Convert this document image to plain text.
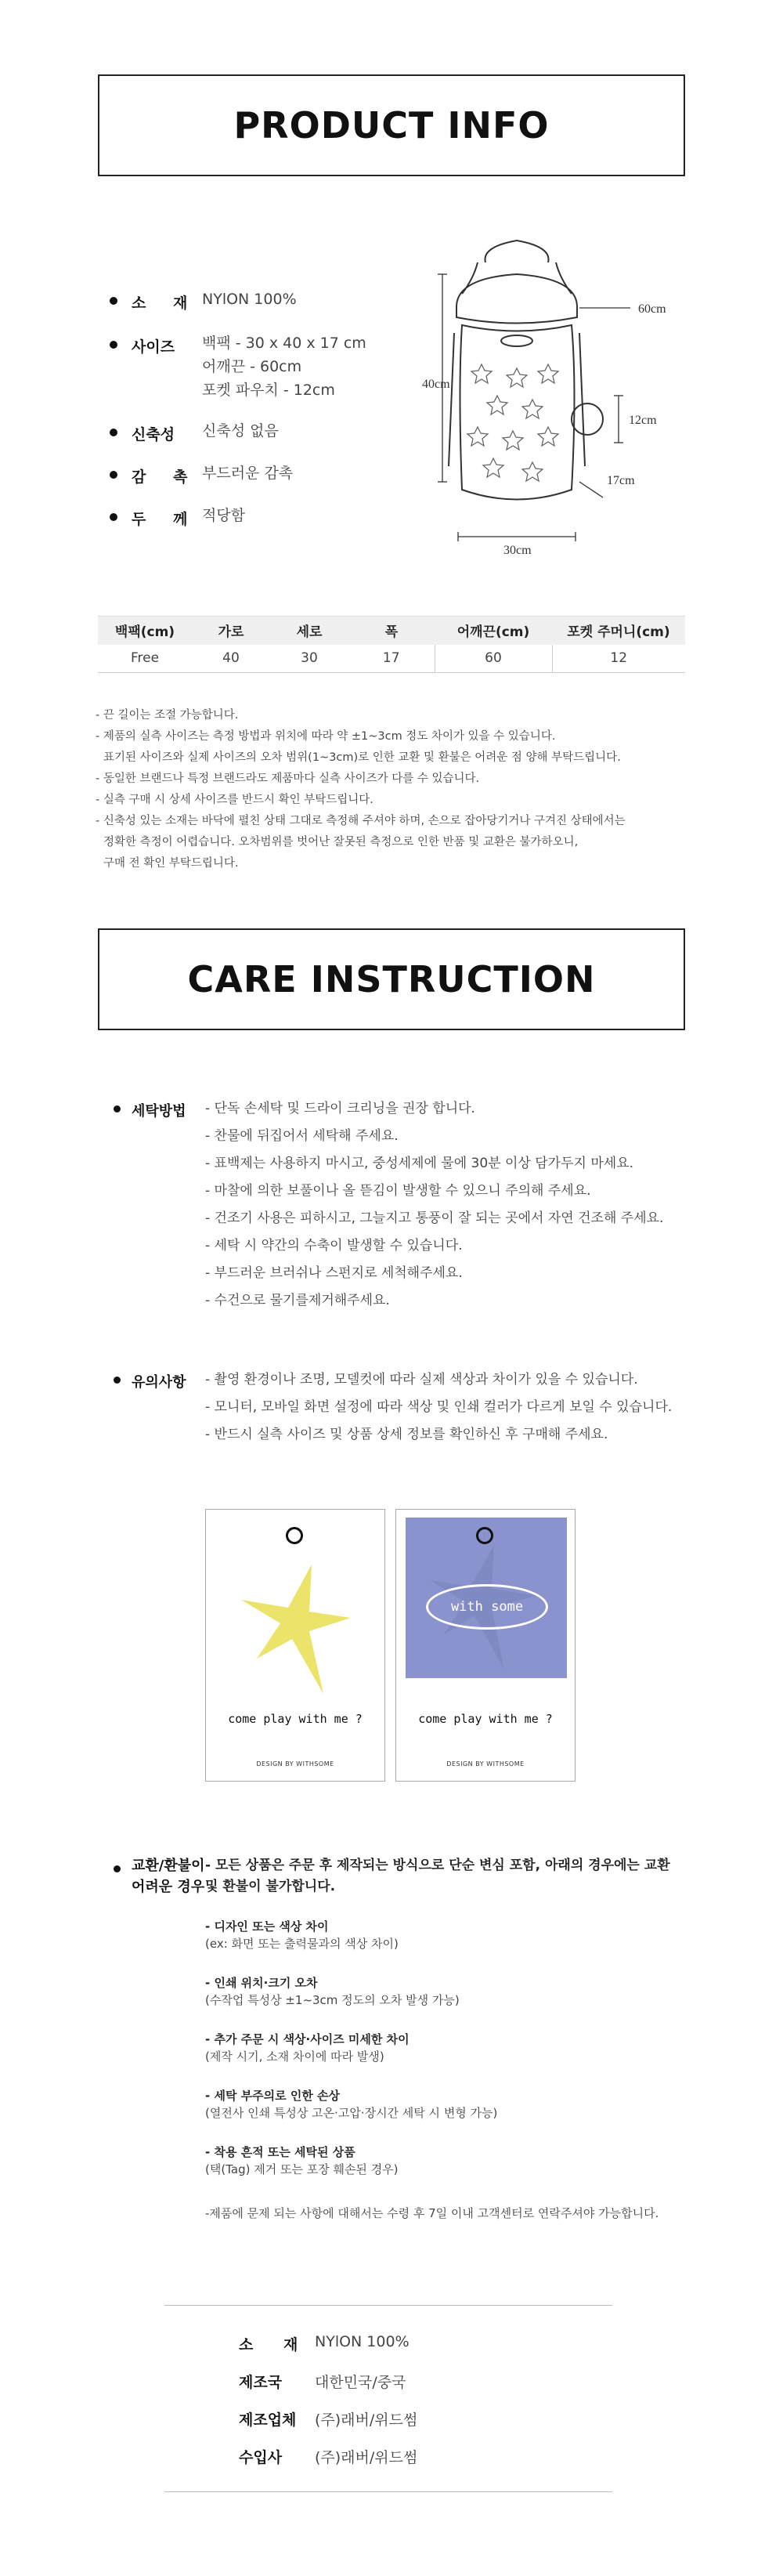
PRODUCT INFO
소 재 NYlON 100%
사이즈	백팩 - 30 x 40 x 17 cm
어깨끈 - 60cm
포켓 파우치 - 12cm
신축성	신축성 없음
감 촉 부드러운 감촉
두 께 적당함
60cm
40cm
12cm
17cm
30cm
백팩(cm)	가로	세로	폭	어깨끈(cm)	포켓 주머니(cm)
Free	40	30	17	60	12
- 끈 길이는 조절 가능합니다.
- 제품의 실측 사이즈는 측정 방법과 위치에 따라 약 ±1~3cm 정도 차이가 있을 수 있습니다.
표기된 사이즈와 실제 사이즈의 오차 범위(1~3cm)로 인한 교환 및 환불은 어려운 점 양해 부탁드립니다.
- 동일한 브랜드나 특정 브랜드라도 제품마다 실측 사이즈가 다를 수 있습니다.
- 실측 구매 시 상세 사이즈를 반드시 확인 부탁드립니다.
- 신축성 있는 소재는 바닥에 펼친 상태 그대로 측정해 주셔야 하며, 손으로 잡아당기거나 구겨진 상태에서는
정확한 측정이 어렵습니다. 오차범위를 벗어난 잘못된 측정으로 인한 반품 및 교환은 불가하오니,
구매 전 확인 부탁드립니다.
CARE INSTRUCTION
세탁방법	- 단독 손세탁 및 드라이 크리닝을 권장 합니다.
- 찬물에 뒤집어서 세탁해 주세요.
- 표백제는 사용하지 마시고, 중성세제에 물에 30분 이상 담가두지 마세요.
- 마찰에 의한 보풀이나 올 뜯김이 발생할 수 있으니 주의해 주세요.
- 건조기 사용은 피하시고, 그늘지고 통풍이 잘 되는 곳에서 자연 건조해 주세요.
- 세탁 시 약간의 수축이 발생할 수 있습니다.
- 부드러운 브러쉬나 스펀지로 세척해주세요.
- 수건으로 물기를제거해주세요.
유의사항	- 촬영 환경이나 조명, 모델컷에 따라 실제 색상과 차이가 있을 수 있습니다.
- 모니터, 모바일 화면 설정에 따라 색상 및 인쇄 컬러가 다르게 보일 수 있습니다.
- 반드시 실측 사이즈 및 상품 상세 정보를 확인하신 후 구매해 주세요.
come play with me ?
DESIGN BY WITHSOME
with some
come play with me ?
DESIGN BY WITHSOME
교환/환불이
어려운 경우
- 모든 상품은 주문 후 제작되는 방식으로 단순 변심 포함, 아래의 경우에는 교환 및 환불이 불가합니다.
- 디자인 또는 색상 차이
(ex: 화면 또는 출력물과의 색상 차이)
- 인쇄 위치·크기 오차
(수작업 특성상 ±1~3cm 정도의 오차 발생 가능)
- 추가 주문 시 색상·사이즈 미세한 차이
(제작 시기, 소재 차이에 따라 발생)
- 세탁 부주의로 인한 손상
(열전사 인쇄 특성상 고온·고압·장시간 세탁 시 변형 가능)
- 착용 흔적 또는 세탁된 상품
(택(Tag) 제거 또는 포장 훼손된 경우)
-제품에 문제 되는 사항에 대해서는 수령 후 7일 이내 고객센터로 연락주셔야 가능합니다.
소 재 NYlON 100%
제조국	대한민국/중국
제조업체	(주)래버/위드썸
수입사	(주)래버/위드썸
